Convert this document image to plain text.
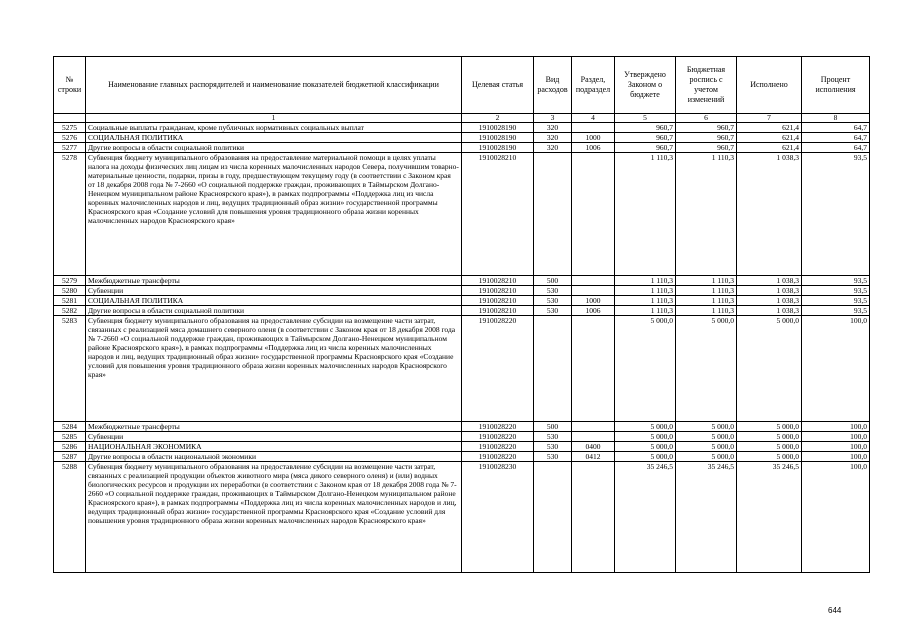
№ строки	Наименование главных распорядителей и наименование показателей бюджетной классификации	Целевая статья	Вид расходов	Раздел, подраздел	Утверждено Законом о бюджете	Бюджетная роспись с учетом изменений	Исполнено	Процент исполнения
	1	2	3	4	5	6	7	8
5275	Социальные выплаты гражданам, кроме публичных нормативных социальных выплат	1910028190	320		960,7	960,7	621,4	64,7
5276	СОЦИАЛЬНАЯ ПОЛИТИКА	1910028190	320	1000	960,7	960,7	621,4	64,7
5277	Другие вопросы в области социальной политики	1910028190	320	1006	960,7	960,7	621,4	64,7
5278	Субвенция бюджету муниципального образования на предоставление материальной помощи в целях уплаты налога на доходы физических лиц лицам из числа коренных малочисленных народов Севера, получившим товарно-материальные ценности, подарки, призы в году, предшествующем текущему году (в соответствии с Законом края от 18 декабря 2008 года № 7-2660 «О социальной поддержке граждан, проживающих в Таймырском Долгано-Ненецком муниципальном районе Красноярского края»), в рамках подпрограммы «Поддержка лиц из числа коренных малочисленных народов и лиц, ведущих традиционный образ жизни» государственной программы Красноярского края «Создание условий для повышения уровня традиционного образа жизни коренных малочисленных народов Красноярского края»	1910028210			1 110,3	1 110,3	1 038,3	93,5
5279	Межбюджетные трансферты	1910028210	500		1 110,3	1 110,3	1 038,3	93,5
5280	Субвенции	1910028210	530		1 110,3	1 110,3	1 038,3	93,5
5281	СОЦИАЛЬНАЯ ПОЛИТИКА	1910028210	530	1000	1 110,3	1 110,3	1 038,3	93,5
5282	Другие вопросы в области социальной политики	1910028210	530	1006	1 110,3	1 110,3	1 038,3	93,5
5283	Субвенция бюджету муниципального образования на предоставление субсидии на возмещение части затрат, связанных с реализацией мяса домашнего северного оленя (в соответствии с Законом края от 18 декабря 2008 года № 7-2660 «О социальной поддержке граждан, проживающих в Таймырском Долгано-Ненецком муниципальном районе Красноярского края»), в рамках подпрограммы «Поддержка лиц из числа коренных малочисленных народов и лиц, ведущих традиционный образ жизни» государственной программы Красноярского края «Создание условий для повышения уровня традиционного образа жизни коренных малочисленных народов Красноярского края»	1910028220			5 000,0	5 000,0	5 000,0	100,0
5284	Межбюджетные трансферты	1910028220	500		5 000,0	5 000,0	5 000,0	100,0
5285	Субвенции	1910028220	530		5 000,0	5 000,0	5 000,0	100,0
5286	НАЦИОНАЛЬНАЯ ЭКОНОМИКА	1910028220	530	0400	5 000,0	5 000,0	5 000,0	100,0
5287	Другие вопросы в области национальной экономики	1910028220	530	0412	5 000,0	5 000,0	5 000,0	100,0
5288	Субвенция бюджету муниципального образования на предоставление субсидии на возмещение части затрат, связанных с реализацией продукции объектов животного мира (мяса дикого северного оленя) и (или) водных биологических ресурсов и продукции их переработки (в соответствии с Законом края от 18 декабря 2008 года № 7-2660 «О социальной поддержке граждан, проживающих в Таймырском Долгано-Ненецком муниципальном районе Красноярского края»), в рамках подпрограммы «Поддержка лиц из числа коренных малочисленных народов и лиц, ведущих традиционный образ жизни» государственной программы Красноярского края «Создание условий для повышения уровня традиционного образа жизни коренных малочисленных народов Красноярского края»	1910028230			35 246,5	35 246,5	35 246,5	100,0
644
